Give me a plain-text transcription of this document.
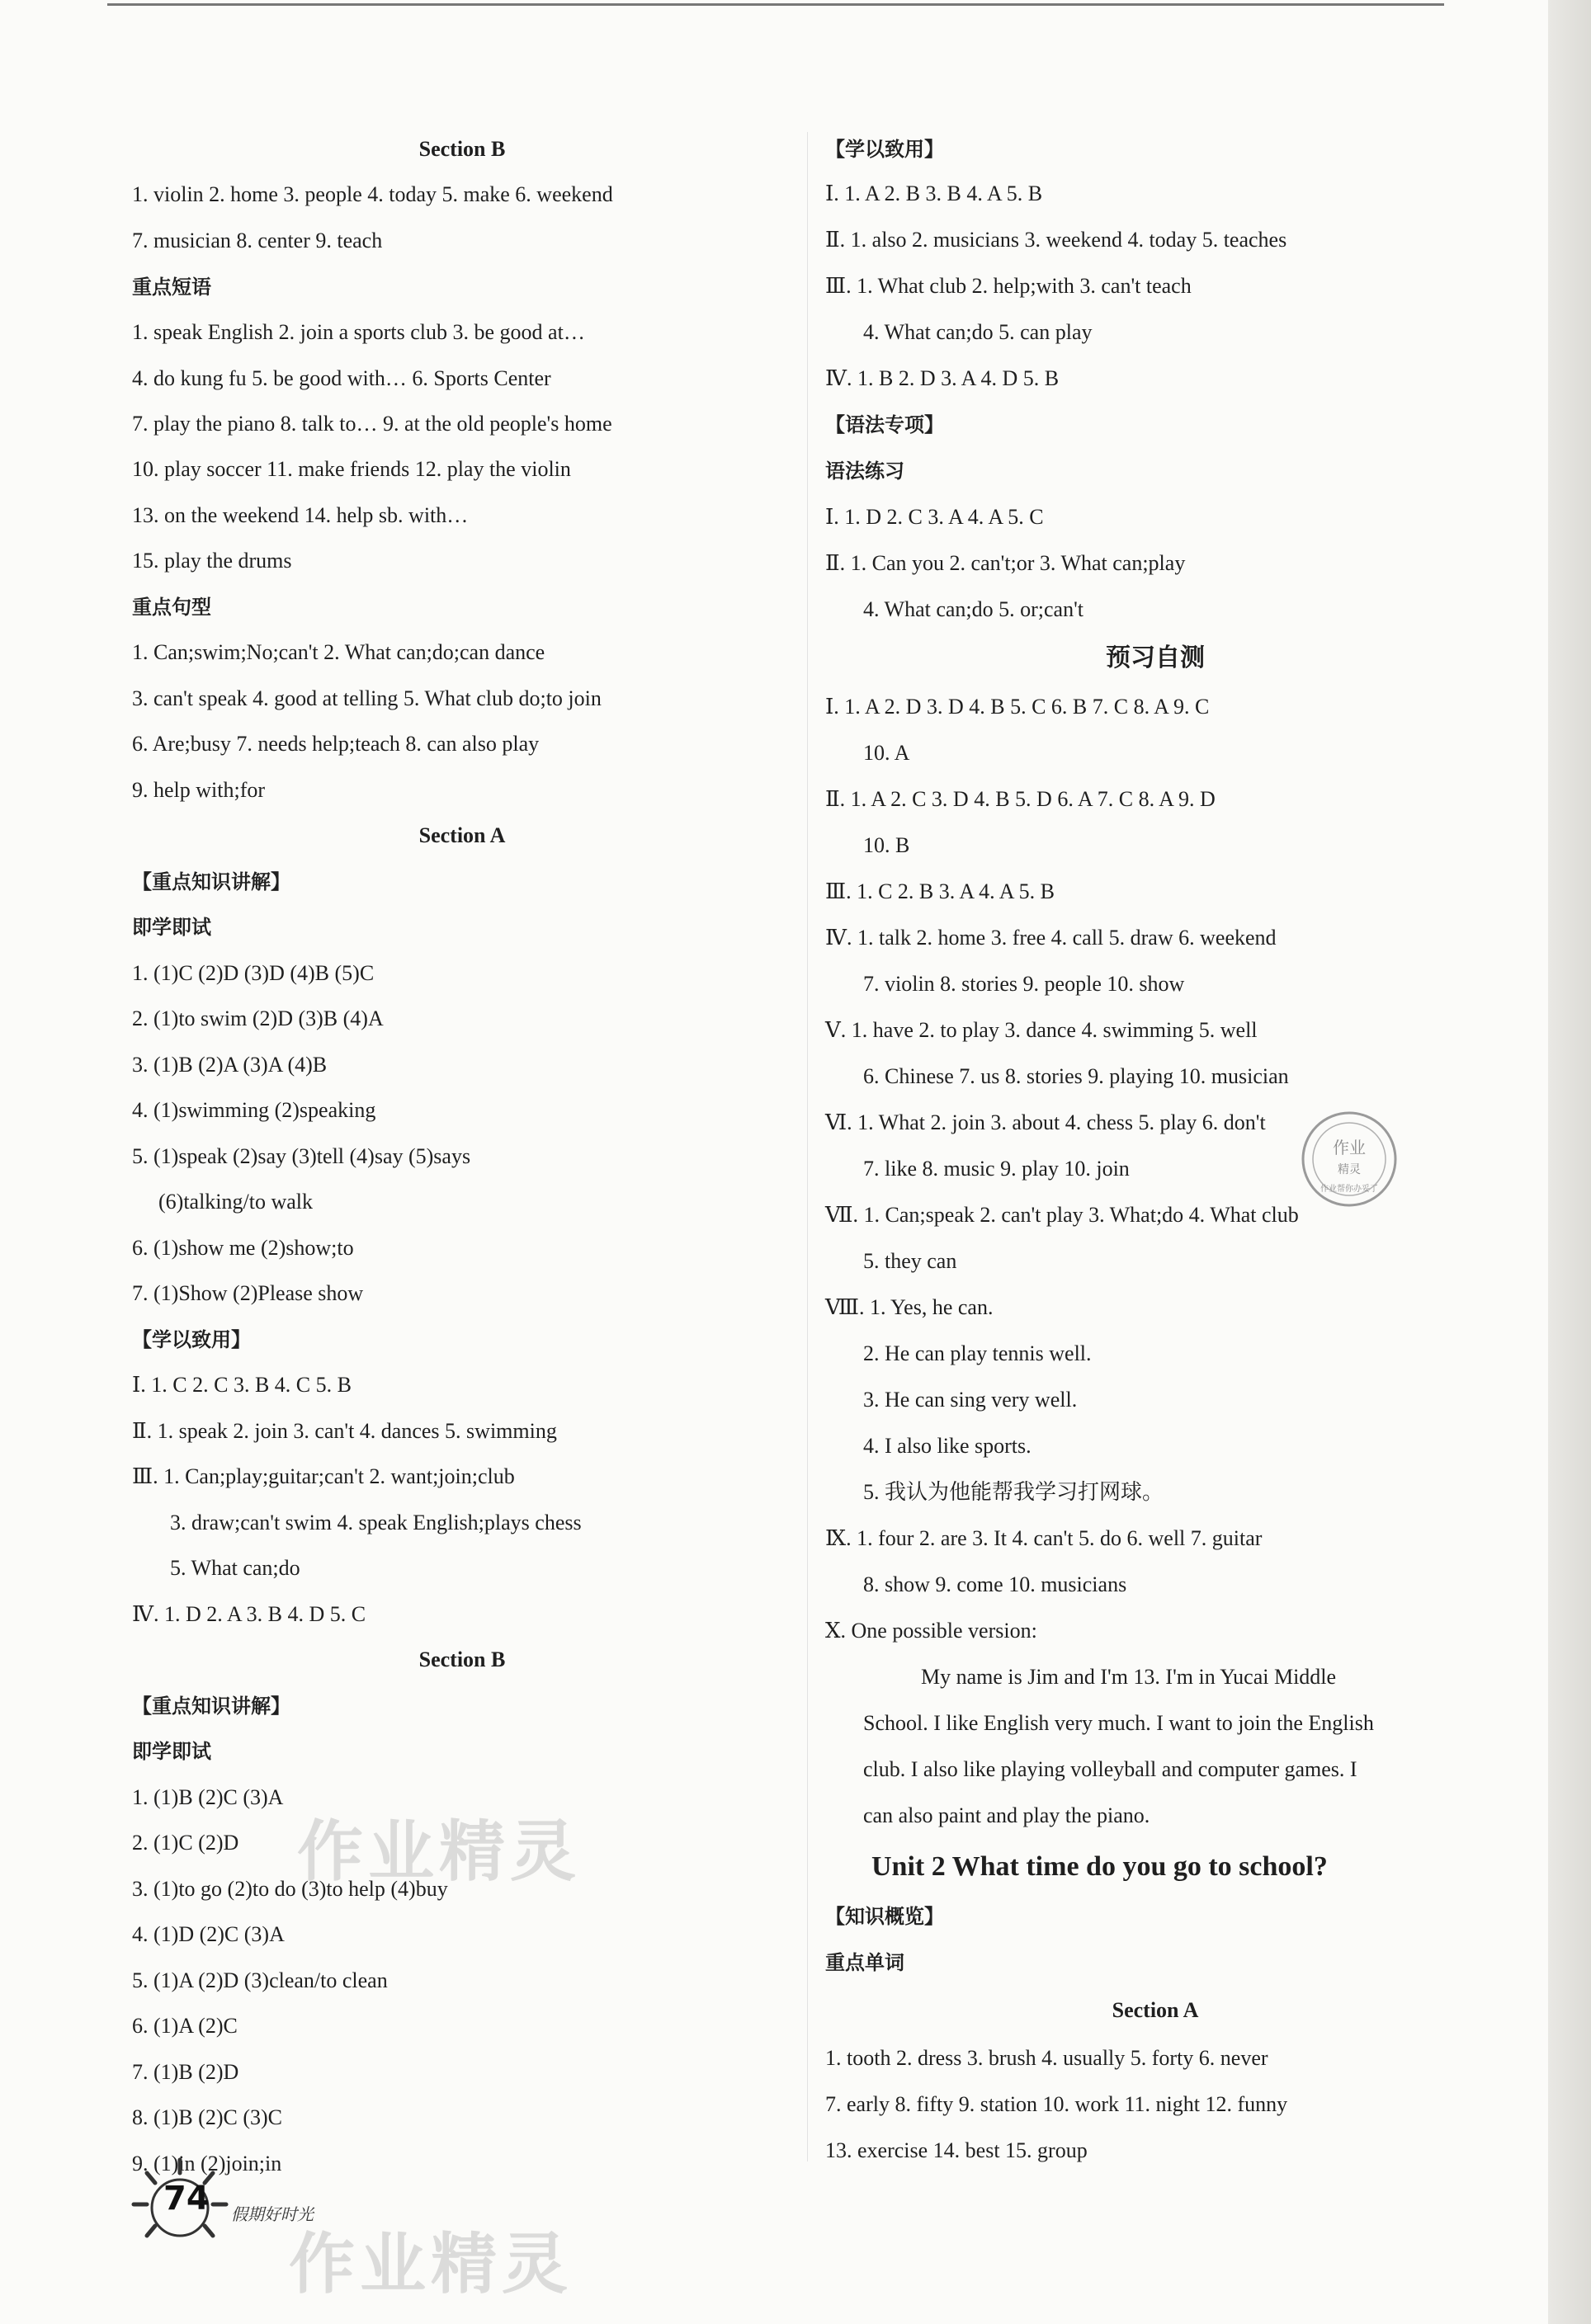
Section B
1. violin 2. home 3. people 4. today 5. make 6. weekend
7. musician 8. center 9. teach
重点短语
1. speak English 2. join a sports club 3. be good at…
4. do kung fu 5. be good with… 6. Sports Center
7. play the piano 8. talk to… 9. at the old people's home
10. play soccer 11. make friends 12. play the violin
13. on the weekend 14. help sb. with…
15. play the drums
重点句型
1. Can;swim;No;can't 2. What can;do;can dance
3. can't speak 4. good at telling 5. What club do;to join
6. Are;busy 7. needs help;teach 8. can also play
9. help with;for
Section A
【重点知识讲解】
即学即试
1. (1)C (2)D (3)D (4)B (5)C
2. (1)to swim (2)D (3)B (4)A
3. (1)B (2)A (3)A (4)B
4. (1)swimming (2)speaking
5. (1)speak (2)say (3)tell (4)say (5)says
(6)talking/to walk
6. (1)show me (2)show;to
7. (1)Show (2)Please show
【学以致用】
Ⅰ. 1. C 2. C 3. B 4. C 5. B
Ⅱ. 1. speak 2. join 3. can't 4. dances 5. swimming
Ⅲ. 1. Can;play;guitar;can't 2. want;join;club
3. draw;can't swim 4. speak English;plays chess
5. What can;do
Ⅳ. 1. D 2. A 3. B 4. D 5. C
Section B
【重点知识讲解】
即学即试
1. (1)B (2)C (3)A
2. (1)C (2)D
3. (1)to go (2)to do (3)to help (4)buy
4. (1)D (2)C (3)A
5. (1)A (2)D (3)clean/to clean
6. (1)A (2)C
7. (1)B (2)D
8. (1)B (2)C (3)C
9. (1)in (2)join;in
【学以致用】
Ⅰ. 1. A 2. B 3. B 4. A 5. B
Ⅱ. 1. also 2. musicians 3. weekend 4. today 5. teaches
Ⅲ. 1. What club 2. help;with 3. can't teach
4. What can;do 5. can play
Ⅳ. 1. B 2. D 3. A 4. D 5. B
【语法专项】
语法练习
Ⅰ. 1. D 2. C 3. A 4. A 5. C
Ⅱ. 1. Can you 2. can't;or 3. What can;play
4. What can;do 5. or;can't
预习自测
Ⅰ. 1. A 2. D 3. D 4. B 5. C 6. B 7. C 8. A 9. C
10. A
Ⅱ. 1. A 2. C 3. D 4. B 5. D 6. A 7. C 8. A 9. D
10. B
Ⅲ. 1. C 2. B 3. A 4. A 5. B
Ⅳ. 1. talk 2. home 3. free 4. call 5. draw 6. weekend
7. violin 8. stories 9. people 10. show
Ⅴ. 1. have 2. to play 3. dance 4. swimming 5. well
6. Chinese 7. us 8. stories 9. playing 10. musician
Ⅵ. 1. What 2. join 3. about 4. chess 5. play 6. don't
7. like 8. music 9. play 10. join
Ⅶ. 1. Can;speak 2. can't play 3. What;do 4. What club
5. they can
Ⅷ. 1. Yes, he can.
2. He can play tennis well.
3. He can sing very well.
4. I also like sports.
5. 我认为他能帮我学习打网球。
Ⅸ. 1. four 2. are 3. It 4. can't 5. do 6. well 7. guitar
8. show 9. come 10. musicians
Ⅹ. One possible version:
My name is Jim and I'm 13. I'm in Yucai Middle
School. I like English very much. I want to join the English
club. I also like playing volleyball and computer games. I
can also paint and play the piano.
Unit 2 What time do you go to school?
【知识概览】
重点单词
Section A
1. tooth 2. dress 3. brush 4. usually 5. forty 6. never
7. early 8. fifty 9. station 10. work 11. night 12. funny
13. exercise 14. best 15. group
作业
精灵
作业帮你办妥了
作业精灵
作业精灵
74 假期好时光
